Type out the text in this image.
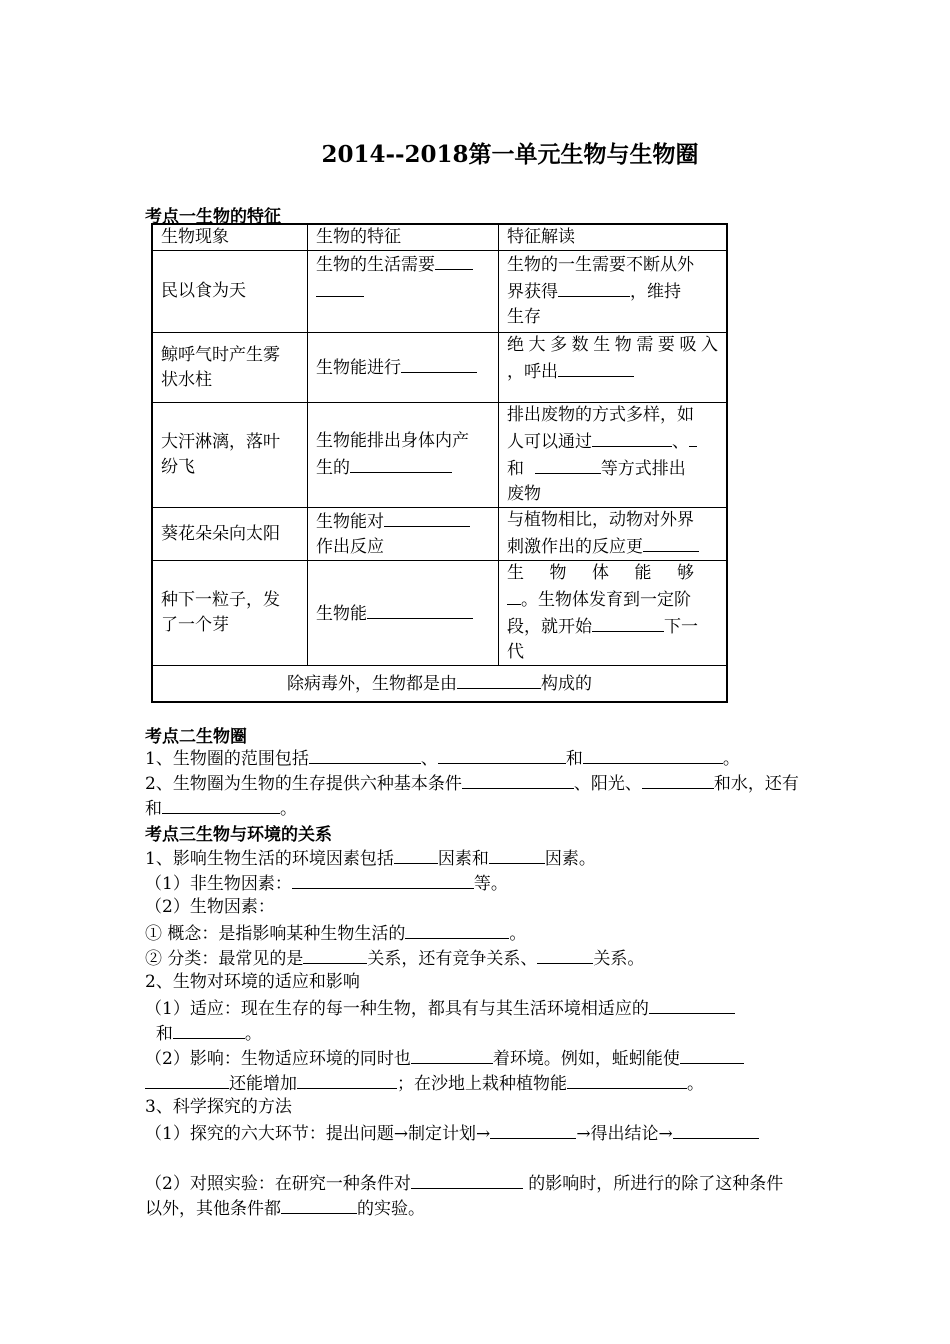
2014--2018第一单元生物与生物圈
考点一生物的特征
生物现象	生物的特征	特征解读
民以食为天	生物的生活需要	生物的一生需要不断从外
界获得 ，维持
生存
鲸呼气时产生雾
状水柱	生物能进行	绝大多数生物需要吸入
，呼出
大汗淋漓，落叶
纷飞	生物能排出身体内产
生的	排出废物的方式多样，如
人可以通过 、
和 等方式排出
废物
葵花朵朵向太阳	生物能对
作出反应	与植物相比，动物对外界
刺激作出的反应更
种下一粒子，发
了一个芽	生物能	生物体能够
。生物体发育到一定阶
段，就开始 下一
代
除病毒外，生物都是由 构成的		
考点二生物圈
1、生物圈的范围包括	、	和	。
2、生物圈为生物的生存提供六种基本条件	、阳光、	和水，还有
和	。
考点三生物与环境的关系
1、影响生物生活的环境因素包括	因素和	因素。
（1）非生物因素：	等。
（2）生物因素：
① 概念：是指影响某种生物生活的	。
② 分类：最常见的是	关系，还有竞争关系、	关系。
2、生物对环境的适应和影响
（1）适应：现在生存的每一种生物，都具有与其生活环境相适应的
和	。
（2）影响：生物适应环境的同时也	着环境。例如，蚯蚓能使
还能增加	；在沙地上栽种植物能	。
3、科学探究的方法
（1）探究的六大环节：提出问题→制定计划→	→得出结论→
（2）对照实验：在研究一种条件对	的影响时，所进行的除了这种条件
以外，其他条件都	的实验。
